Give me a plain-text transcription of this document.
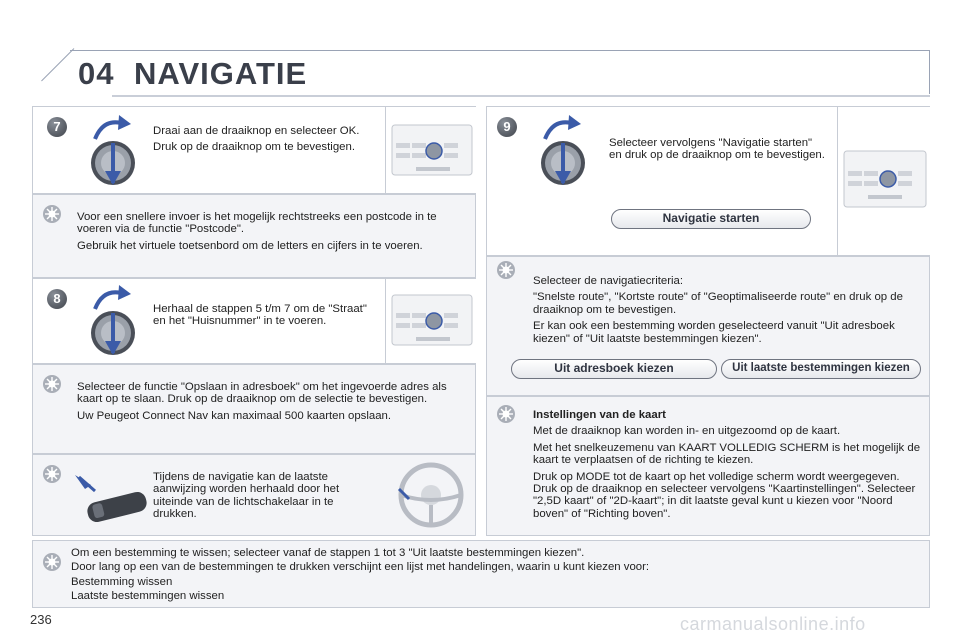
04 NAVIGATIE
7	Draai aan de draaiknop en selecteer OK.

Druk op de draaiknop om te bevestigen.

Voor een snellere invoer is het mogelijk rechtstreeks een postcode in te voeren via de functie "Postcode".

Gebruik het virtuele toetsenbord om de letters en cijfers in te voeren.

8

Herhaal de stappen 5 t/m 7 om de "Straat" en het "Huisnummer" in te voeren.

Selecteer de functie "Opslaan in adresboek" om het ingevoerde adres als kaart op te slaan. Druk op de draaiknop om de selectie te bevestigen.

Uw Peugeot Connect Nav kan maximaal 500 kaarten opslaan.

Tijdens de navigatie kan de laatste aanwijzing worden herhaald door het uiteinde van de lichtschakelaar in te drukken.

9

Selecteer vervolgens "Navigatie starten" en druk op de draaiknop om te bevestigen.

Navigatie starten

Selecteer de navigatiecriteria:

"Snelste route", "Kortste route" of "Geoptimaliseerde route" en druk op de draaiknop om te bevestigen.

Er kan ook een bestemming worden geselecteerd vanuit "Uit adresboek kiezen" of "Uit laatste bestemmingen kiezen".

Uit adresboek kiezen	Uit laatste bestemmingen kiezen

Instellingen van de kaart

Met de draaiknop kan worden in- en uitgezoomd op de kaart.

Met het snelkeuzemenu van KAART VOLLEDIG SCHERM is het mogelijk de kaart te verplaatsen of de richting te kiezen.

Druk op MODE tot de kaart op het volledige scherm wordt weergegeven. Druk op de draaiknop en selecteer vervolgens "Kaartinstellingen". Selecteer "2,5D kaart" of "2D-kaart"; in dit laatste geval kunt u kiezen voor "Noord boven" of "Richting boven".

Om een bestemming te wissen; selecteer vanaf de stappen 1 tot 3 "Uit laatste bestemmingen kiezen".

Door lang op een van de bestemmingen te drukken verschijnt een lijst met handelingen, waarin u kunt kiezen voor:

Bestemming wissen

Laatste bestemmingen wissen

236	carmanualsonline.info
